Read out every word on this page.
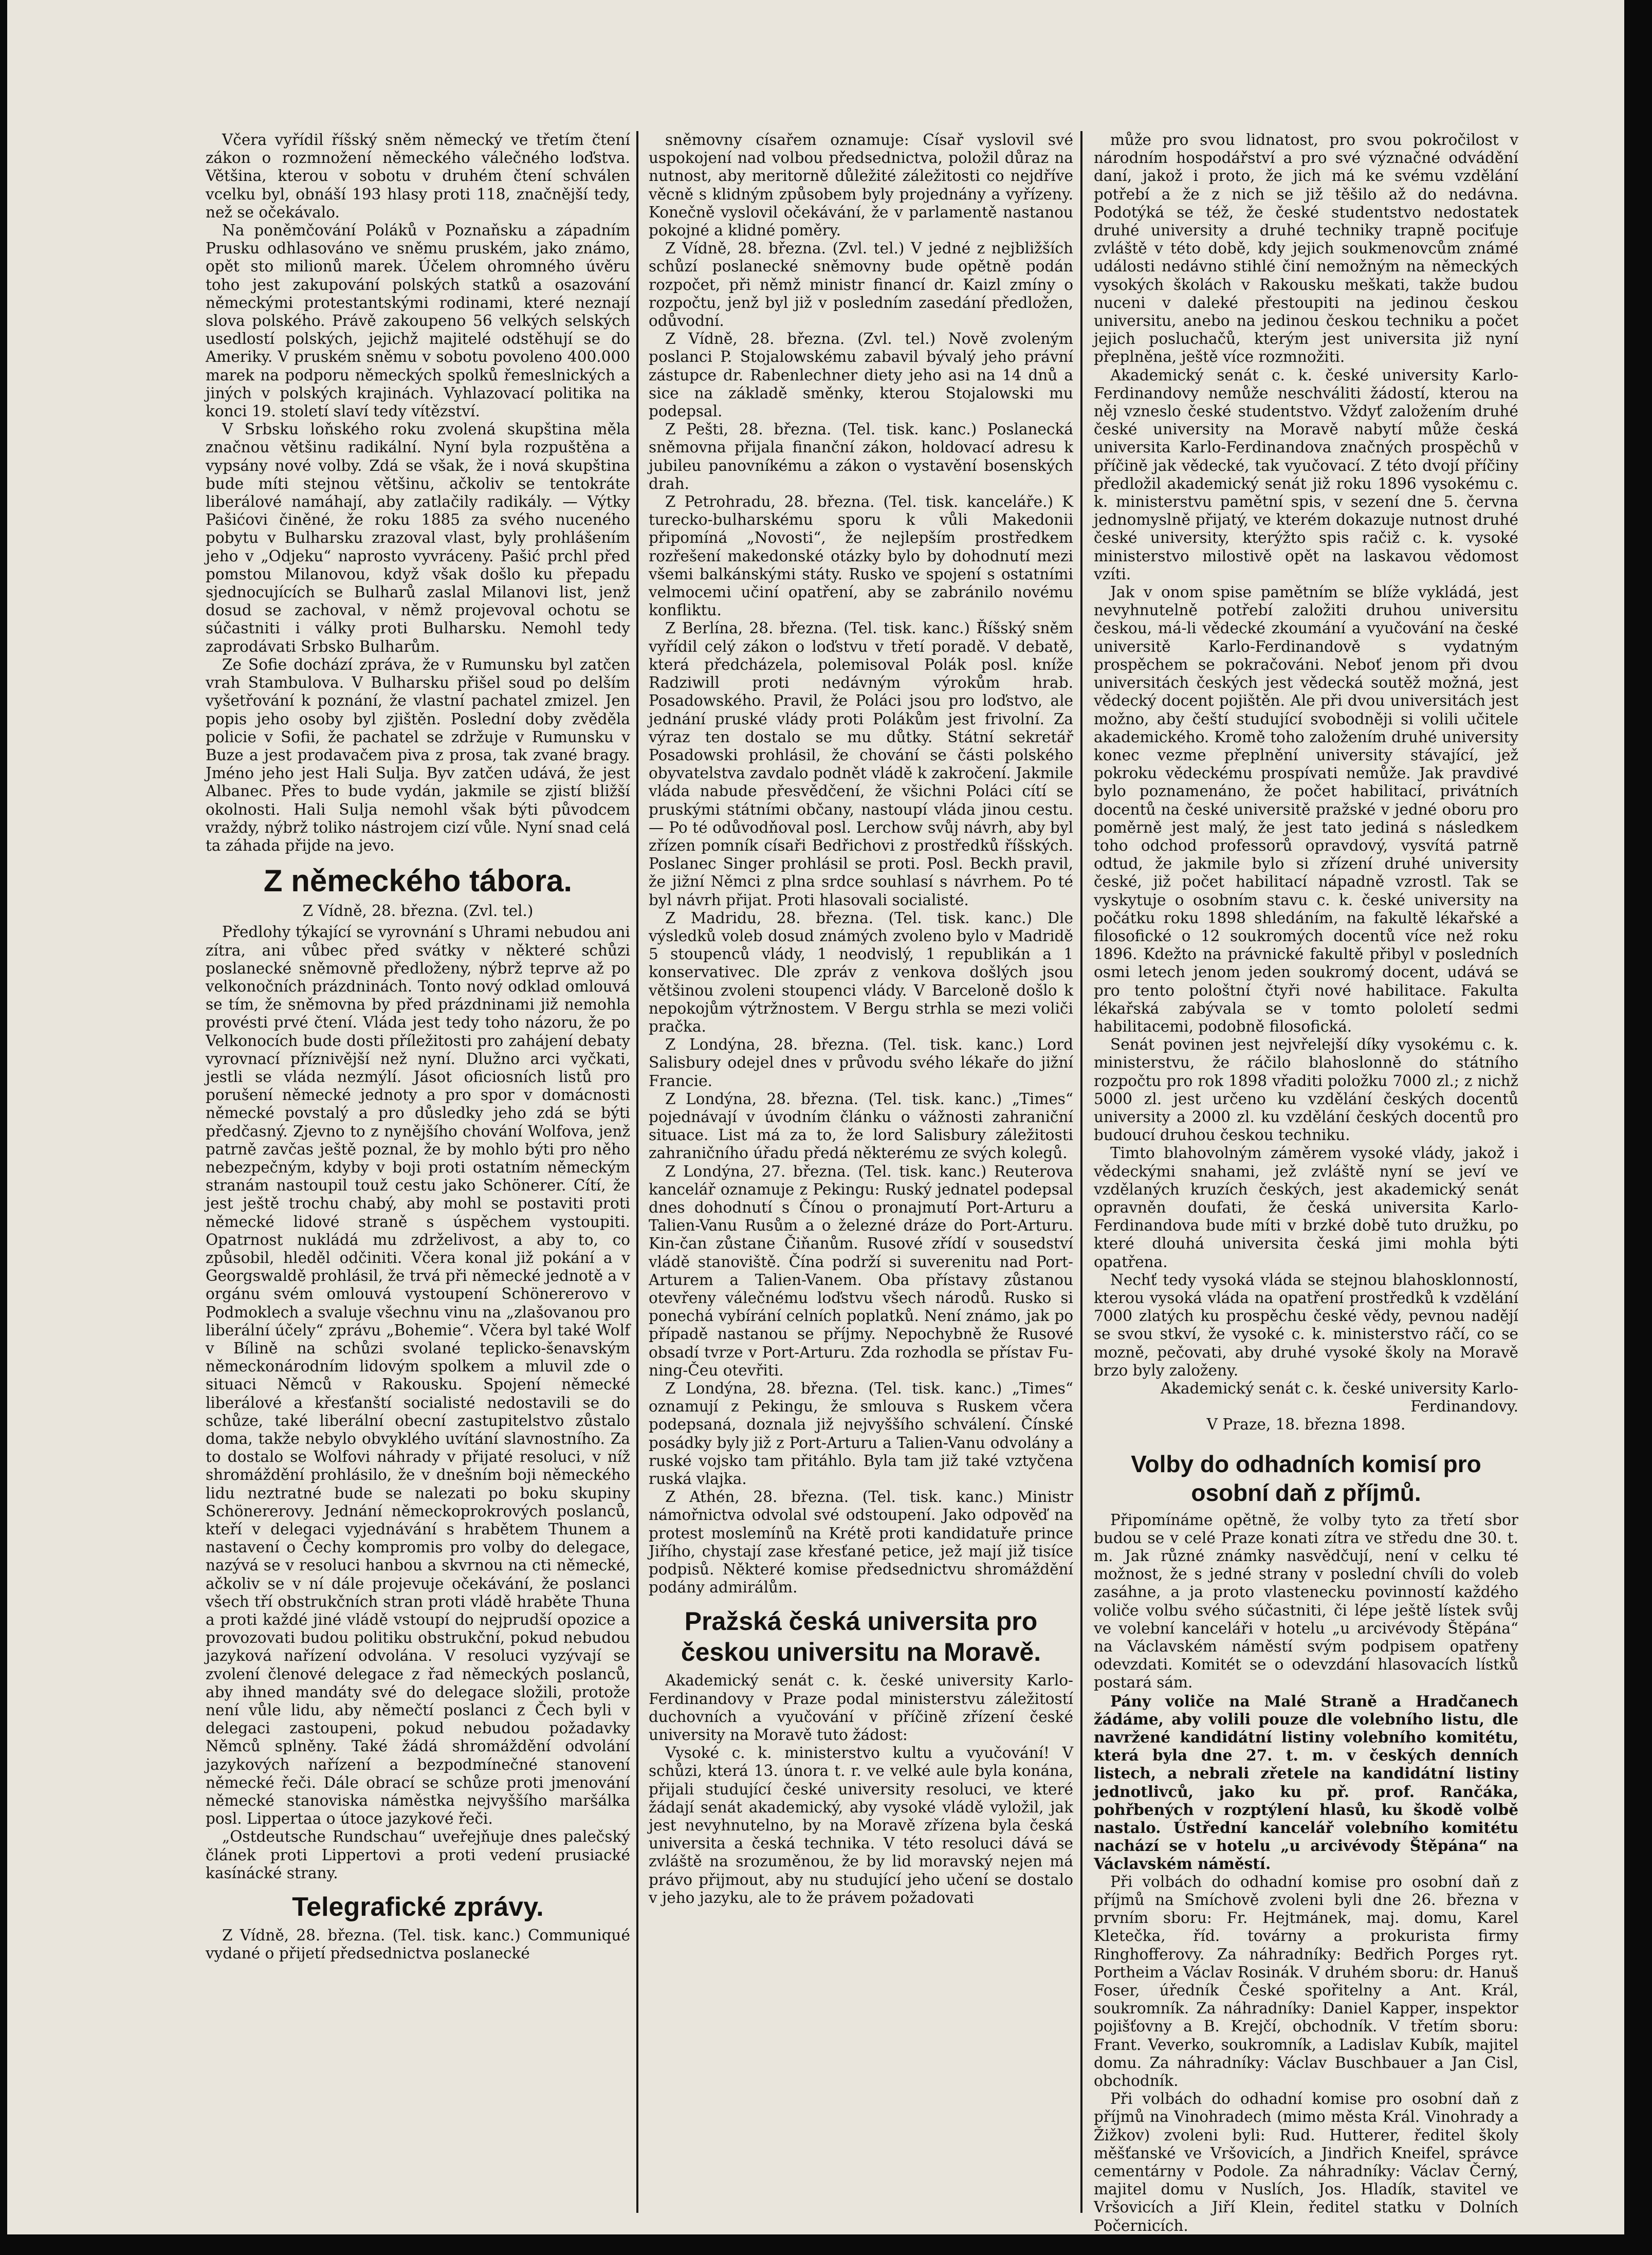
Včera vyřídil říšský sněm německý ve třetím čtení zákon o rozmnožení německého válečného loďstva. Většina, kterou v sobotu v druhém čtení schválen vcelku byl, obnáší 193 hlasy proti 118, značnější tedy, než se očekávalo.

Na poněmčování Poláků v Poznaňsku a západním Prusku odhlasováno ve sněmu pruském, jako známo, opět sto milionů marek. Účelem ohromného úvěru toho jest zakupování polských statků a osazování německými protestantskými rodinami, které neznají slova polského. Právě zakoupeno 56 velkých selských usedlostí polských, jejichž majitelé odstěhují se do Ameriky. V pruském sněmu v sobotu povoleno 400.000 marek na podporu německých spolků řemeslnických a jiných v polských krajinách. Vyhlazovací politika na konci 19. století slaví tedy vítězství.

V Srbsku loňského roku zvolená skupština měla značnou většinu radikální. Nyní byla rozpuštěna a vypsány nové volby. Zdá se však, že i nová skupština bude míti stejnou většinu, ačkoliv se tentokráte liberálové namáhají, aby zatlačily radikály. — Výtky Pašićovi činěné, že roku 1885 za svého nuceného pobytu v Bulharsku zrazoval vlast, byly prohlášením jeho v „Odjeku“ naprosto vyvráceny. Pašić prchl před pomstou Milanovou, když však došlo ku přepadu sjednocujících se Bulharů zaslal Milanovi list, jenž dosud se zachoval, v němž projevoval ochotu se súčastniti i války proti Bulharsku. Nemohl tedy zaprodávati Srbsko Bulharům.

Ze Sofie dochází zpráva, že v Rumunsku byl zatčen vrah Stambulova. V Bulharsku přišel soud po delším vyšetřování k poznání, že vlastní pachatel zmizel. Jen popis jeho osoby byl zjištěn. Poslední doby zvěděla policie v Sofii, že pachatel se zdržuje v Rumunsku v Buze a jest prodavačem piva z prosa, tak zvané bragy. Jméno jeho jest Hali Sulja. Byv zatčen udává, že jest Albanec. Přes to bude vydán, jakmile se zjistí bližší okolnosti. Hali Sulja nemohl však býti původcem vraždy, nýbrž toliko nástrojem cizí vůle. Nyní snad celá ta záhada přijde na jevo.

Z německého tábora.

Z Vídně, 28. března. (Zvl. tel.)

Předlohy týkající se vyrovnání s Uhrami nebudou ani zítra, ani vůbec před svátky v některé schůzi poslanecké sněmovně předloženy, nýbrž teprve až po velkonočních prázdninách. Tonto nový odklad omlouvá se tím, že sněmovna by před prázdninami již nemohla provésti prvé čtení. Vláda jest tedy toho názoru, že po Velkonocích bude dosti příležitosti pro zahájení debaty vyrovnací příznivější než nyní. Dlužno arci vyčkati, jestli se vláda nezmýlí. Jásot oficiosních listů pro porušení německé jednoty a pro spor v domácnosti německé povstalý a pro důsledky jeho zdá se býti předčasný. Zjevno to z nynějšího chování Wolfova, jenž patrně zavčas ještě poznal, že by mohlo býti pro něho nebezpečným, kdyby v boji proti ostatním německým stranám nastoupil touž cestu jako Schönerer. Cítí, že jest ještě trochu chabý, aby mohl se postaviti proti německé lidové straně s úspěchem vystoupiti. Opatrnost nukládá mu zdrželivost, a aby to, co způsobil, hleděl odčiniti. Včera konal již pokání a v Georgswaldě prohlásil, že trvá při německé jednotě a v orgánu svém omlouvá vystoupení Schönererovo v Podmoklech a svaluje všechnu vinu na „zlašovanou pro liberální účely“ zprávu „Bohemie“. Včera byl také Wolf v Bílině na schůzi svolané teplicko-šenavským německonárodním lidovým spolkem a mluvil zde o situaci Němců v Rakousku. Spojení německé liberálové a křesťanští socialisté nedostavili se do schůze, také liberální obecní zastupitelstvo zůstalo doma, takže nebylo obvyklého uvítání slavnostního. Za to dostalo se Wolfovi náhrady v přijaté resoluci, v níž shromáždění prohlásilo, že v dnešním boji německého lidu neztratné bude se nalezati po boku skupiny Schönererovy. Jednání německoprokrových poslanců, kteří v delegaci vyjednávání s hrabětem Thunem a nastavení o Čechy kompromis pro volby do delegace, nazývá se v resoluci hanbou a skvrnou na cti německé, ačkoliv se v ní dále projevuje očekávání, že poslanci všech tří obstrukčních stran proti vládě hraběte Thuna a proti každé jiné vládě vstoupí do nejprudší opozice a provozovati budou politiku obstrukční, pokud nebudou jazyková nařízení odvolána. V resoluci vyzývají se zvolení členové delegace z řad německých poslanců, aby ihned mandáty své do delegace složili, protože není vůle lidu, aby němečtí poslanci z Čech byli v delegaci zastoupeni, pokud nebudou požadavky Němců splněny. Také žádá shromáždění odvolání jazykových nařízení a bezpodmínečné stanovení německé řeči. Dále obrací se schůze proti jmenování německé stanoviska náměstka nejvyššího maršálka posl. Lippertaa o útoce jazykové řeči.

„Ostdeutsche Rundschau“ uveřejňuje dnes palečský článek proti Lippertovi a proti vedení prusiacké kasínácké strany.

Telegrafické zprávy.

Z Vídně, 28. března. (Tel. tisk. kanc.) Communiqué vydané o přijetí předsednictva poslanecké

sněmovny císařem oznamuje: Císař vyslovil své uspokojení nad volbou předsednictva, položil důraz na nutnost, aby meritorně důležité záležitosti co nejdříve věcně s klidným způsobem byly projednány a vyřízeny. Konečně vyslovil očekávání, že v parlamentě nastanou pokojné a klidné poměry.

Z Vídně, 28. března. (Zvl. tel.) V jedné z nejbližších schůzí poslanecké sněmovny bude opětně podán rozpočet, při němž ministr financí dr. Kaizl zmíny o rozpočtu, jenž byl již v posledním zasedání předložen, odůvodní.

Z Vídně, 28. března. (Zvl. tel.) Nově zvoleným poslanci P. Stojalowskému zabavil bývalý jeho právní zástupce dr. Rabenlechner diety jeho asi na 14 dnů a sice na základě směnky, kterou Stojalowski mu podepsal.

Z Pešti, 28. března. (Tel. tisk. kanc.) Poslanecká sněmovna přijala finanční zákon, holdovací adresu k jubileu panovníkému a zákon o vystavění bosenských drah.

Z Petrohradu, 28. března. (Tel. tisk. kanceláře.) K turecko-bulharskému sporu k vůli Makedonii připomíná „Novosti“, že nejlepším prostředkem rozřešení makedonské otázky bylo by dohodnutí mezi všemi balkánskými státy. Rusko ve spojení s ostatními velmocemi učiní opatření, aby se zabránilo novému konfliktu.

Z Berlína, 28. března. (Tel. tisk. kanc.) Říšský sněm vyřídil celý zákon o loďstvu v třetí poradě. V debatě, která předcházela, polemisoval Polák posl. kníže Radziwill proti nedávným výrokům hrab. Posadowského. Pravil, že Poláci jsou pro loďstvo, ale jednání pruské vlády proti Polákům jest frivolní. Za výraz ten dostalo se mu důtky. Státní sekretář Posadowski prohlásil, že chování se části polského obyvatelstva zavdalo podnět vládě k zakročení. Jakmile vláda nabude přesvědčení, že všichni Poláci cítí se pruskými státními občany, nastoupí vláda jinou cestu. — Po té odůvodňoval posl. Lerchow svůj návrh, aby byl zřízen pomník císaři Bedřichovi z prostředků říšských. Poslanec Singer prohlásil se proti. Posl. Beckh pravil, že jižní Němci z plna srdce souhlasí s návrhem. Po té byl návrh přijat. Proti hlasovali socialisté.

Z Madridu, 28. března. (Tel. tisk. kanc.) Dle výsledků voleb dosud známých zvoleno bylo v Madridě 5 stoupenců vlády, 1 neodvislý, 1 republikán a 1 konservativec. Dle zpráv z venkova došlých jsou většinou zvoleni stoupenci vlády. V Barceloně došlo k nepokojům výtržnostem. V Bergu strhla se mezi voliči pračka.

Z Londýna, 28. března. (Tel. tisk. kanc.) Lord Salisbury odejel dnes v průvodu svého lékaře do jižní Francie.

Z Londýna, 28. března. (Tel. tisk. kanc.) „Times“ pojednávají v úvodním článku o vážnosti zahraniční situace. List má za to, že lord Salisbury záležitosti zahraničního úřadu předá některému ze svých kolegů.

Z Londýna, 27. března. (Tel. tisk. kanc.) Reuterova kancelář oznamuje z Pekingu: Ruský jednatel podepsal dnes dohodnutí s Čínou o pronajmutí Port-Arturu a Talien-Vanu Rusům a o železné dráze do Port-Arturu. Kin-čan zůstane Čiňanům. Rusové zřídí v sousedství vládě stanoviště. Čína podrží si suverenitu nad Port-Arturem a Talien-Vanem. Oba přístavy zůstanou otevřeny válečnému loďstvu všech národů. Rusko si ponechá vybírání celních poplatků. Není známo, jak po případě nastanou se příjmy. Nepochybně že Rusové obsadí tvrze v Port-Arturu. Zda rozhodla se přístav Fu-ning-Čeu otevřiti.

Z Londýna, 28. března. (Tel. tisk. kanc.) „Times“ oznamují z Pekingu, že smlouva s Ruskem včera podepsaná, doznala již nejvyššího schválení. Čínské posádky byly již z Port-Arturu a Talien-Vanu odvolány a ruské vojsko tam přitáhlo. Byla tam již také vztyčena ruská vlajka.

Z Athén, 28. března. (Tel. tisk. kanc.) Ministr námořnictva odvolal své odstoupení. Jako odpověď na protest moslemínů na Krétě proti kandidatuře prince Jiřího, chystají zase křesťané petice, jež mají již tisíce podpisů. Některé komise předsednictvu shromáždění podány admirálům.

Pražská česká universita pro českou universitu na Moravě.

Akademický senát c. k. české university Karlo-Ferdinandovy v Praze podal ministerstvu záležitostí duchovních a vyučování v příčině zřízení české university na Moravě tuto žádost:

Vysoké c. k. ministerstvo kultu a vyučování! V schůzi, která 13. února t. r. ve velké aule byla konána, přijali studující české university resoluci, ve které žádají senát akademický, aby vysoké vládě vyložil, jak jest nevyhnutelno, by na Moravě zřízena byla česká universita a česká technika. V této resoluci dává se zvláště na srozuměnou, že by lid moravský nejen má právo přijmout, aby nu studující jeho učení se dostalo v jeho jazyku, ale to že právem požadovati

může pro svou lidnatost, pro svou pokročilost v národním hospodářství a pro své význačné odvádění daní, jakož i proto, že jich má ke svému vzdělání potřebí a že z nich se již těšilo až do nedávna. Podotýká se též, že české studentstvo nedostatek druhé university a druhé techniky trapně pociťuje zvláště v této době, kdy jejich soukmenovcům známé události nedávno stihlé činí nemožným na německých vysokých školách v Rakousku meškati, takže budou nuceni v daleké přestoupiti na jedinou českou universitu, anebo na jedinou českou techniku a počet jejich posluchačů, kterým jest universita již nyní přeplněna, ještě více rozmnožiti.

Akademický senát c. k. české university Karlo-Ferdinandovy nemůže neschváliti žádostí, kterou na něj vzneslo české studentstvo. Vždyť založením druhé české university na Moravě nabytí může česká universita Karlo-Ferdinandova značných prospěchů v příčině jak vědecké, tak vyučovací. Z této dvojí příčiny předložil akademický senát již roku 1896 vysokému c. k. ministerstvu pamětní spis, v sezení dne 5. června jednomyslně přijatý, ve kterém dokazuje nutnost druhé české university, kterýžto spis račiž c. k. vysoké ministerstvo milostivě opět na laskavou vědomost vzíti.

Jak v onom spise pamětním se blíže vykládá, jest nevyhnutelně potřebí založiti druhou universitu českou, má-li vědecké zkoumání a vyučování na české universitě Karlo-Ferdinandově s vydatným prospěchem se pokračováni. Neboť jenom při dvou universitách českých jest vědecká soutěž možná, jest vědecký docent pojištěn. Ale při dvou universitách jest možno, aby čeští studující svobodněji si volili učitele akademického. Kromě toho založením druhé university konec vezme přeplnění university stávající, jež pokroku vědeckému prospívati nemůže. Jak pravdivé bylo poznamenáno, že počet habilitací, privátních docentů na české universitě pražské v jedné oboru pro poměrně jest malý, že jest tato jediná s následkem toho odchod professorů opravdový, vysvítá patrně odtud, že jakmile bylo si zřízení druhé university české, již počet habilitací nápadně vzrostl. Tak se vyskytuje o osobním stavu c. k. české university na počátku roku 1898 shledáním, na fakultě lékařské a filosofické o 12 soukromých docentů více než roku 1896. Kdežto na právnické fakultě přibyl v posledních osmi letech jenom jeden soukromý docent, udává se pro tento pološtní čtyři nové habilitace. Fakulta lékařská zabývala se v tomto pololetí sedmi habilitacemi, podobně filosofická.

Senát povinen jest nejvřelejší díky vysokému c. k. ministerstvu, že ráčilo blahoslonně do státního rozpočtu pro rok 1898 vřaditi položku 7000 zl.; z nichž 5000 zl. jest určeno ku vzdělání českých docentů university a 2000 zl. ku vzdělání českých docentů pro budoucí druhou českou techniku.

Timto blahovolným záměrem vysoké vlády, jakož i vědeckými snahami, jež zvláště nyní se jeví ve vzdělaných kruzích českých, jest akademický senát opravněn doufati, že česká universita Karlo-Ferdinandova bude míti v brzké době tuto družku, po které dlouhá universita česká jimi mohla býti opatřena.

Nechť tedy vysoká vláda se stejnou blahosklonností, kterou vysoká vláda na opatření prostředků k vzdělání 7000 zlatých ku prospěchu české vědy, pevnou nadějí se svou stkví, že vysoké c. k. ministerstvo ráčí, co se mozně, pečovati, aby druhé vysoké školy na Moravě brzo byly založeny.

Akademický senát c. k. české university Karlo-Ferdinandovy.

V Praze, 18. března 1898.

Volby do odhadních komisí pro osobní daň z příjmů.

Připomínáme opětně, že volby tyto za třetí sbor budou se v celé Praze konati zítra ve středu dne 30. t. m. Jak různé známky nasvědčují, není v celku té možnost, že s jedné strany v poslední chvíli do voleb zasáhne, a ja proto vlastenecku povinností každého voliče volbu svého súčastniti, či lépe ještě lístek svůj ve volební kanceláři v hotelu „u arcivévody Štěpána“ na Václavském náměstí svým podpisem opatřeny odevzdati. Komitét se o odevzdání hlasovacích lístků postará sám.

Pány voliče na Malé Straně a Hradčanech žádáme, aby volili pouze dle volebního listu, dle navržené kandidátní listiny volebního komitétu, která byla dne 27. t. m. v českých denních listech, a nebrali zřetele na kandidátní listiny jednotlivců, jako ku př. prof. Rančáka, pohřbených v rozptýlení hlasů, ku škodě volbě nastalo. Ústřední kancelář volebního komitétu nachází se v hotelu „u arcivévody Štěpána“ na Václavském náměstí.

Při volbách do odhadní komise pro osobní daň z příjmů na Smíchově zvoleni byli dne 26. března v prvním sboru: Fr. Hejtmánek, maj. domu, Karel Kletečka, říd. továrny a prokurista firmy Ringhofferovy. Za náhradníky: Bedřich Porges ryt. Portheim a Václav Rosinák. V druhém sboru: dr. Hanuš Foser, úředník České spořitelny a Ant. Král, soukromník. Za náhradníky: Daniel Kapper, inspektor pojišťovny a B. Krejčí, obchodník. V třetím sboru: Frant. Veverko, soukromník, a Ladislav Kubík, majitel domu. Za náhradníky: Václav Buschbauer a Jan Cisl, obchodník.

Při volbách do odhadní komise pro osobní daň z příjmů na Vinohradech (mimo města Král. Vinohrady a Žižkov) zvoleni byli: Rud. Hutterer, ředitel školy měšťanské ve Vršovicích, a Jindřich Kneifel, správce cementárny v Podole. Za náhradníky: Václav Černý, majitel domu v Nuslích, Jos. Hladík, stavitel ve Vršovicích a Jiří Klein, ředitel statku v Dolních Počernicích.
